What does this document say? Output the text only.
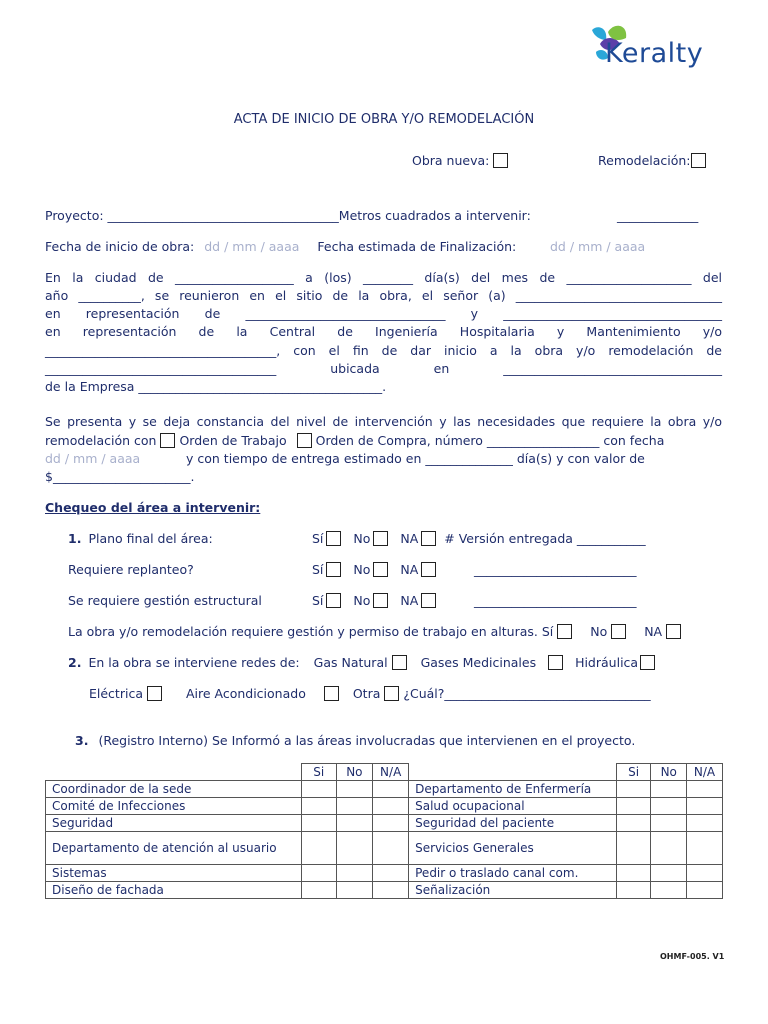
Keralty
ACTA DE INICIO DE OBRA Y/O REMODELACIÓN
Obra nueva:	Remodelación:
Proyecto: _____________________________________Metros cuadrados a intervenir:	_____________
Fecha de inicio de obra: dd / mm / aaaa Fecha estimada de Finalización:	dd / mm / aaaa
En la ciudad de ___________________ a (los) ________ día(s) del mes de ____________________ del
año __________, se reunieron en el sitio de la obra, el señor (a) _________________________________
en representación de ________________________________ y ___________________________________
en representación de la Central de Ingeniería Hospitalaria y Mantenimiento y/o
_____________________________________, con el fin de dar inicio a la obra y/o remodelación de
_____________________________________ ubicada en ___________________________________
de la Empresa _______________________________________.
Se presenta y se deja constancia del nivel de intervención y las necesidades que requiere la obra y/o
remodelación con Orden de Trabajo Orden de Compra, número __________________ con fecha
dd / mm / aaaa	y con tiempo de entrega estimado en ______________ día(s) y con valor de
$______________________.
Chequeo del área a intervenir:
1. Plano final del área:	Sí No NA # Versión entregada ___________
Requiere replanteo?	Sí No NA	__________________________
Se requiere gestión estructural	Sí No NA	__________________________
La obra y/o remodelación requiere gestión y permiso de trabajo en alturas. Sí	No	NA
2. En la obra se interviene redes de: Gas Natural	Gases Medicinales	Hidráulica
Eléctrica	Aire Acondicionado	Otra ¿Cuál?_________________________________
3. (Registro Interno) Se Informó a las áreas involucradas que intervienen en el proyecto.
	Si	No	N/A		Si	No	N/A
Coordinador de la sede				Departamento de Enfermería			
Comité de Infecciones				Salud ocupacional			
Seguridad				Seguridad del paciente			
Departamento de atención al usuario				Servicios Generales			
Sistemas				Pedir o traslado canal com.			
Diseño de fachada				Señalización			
OHMF-005. V1
